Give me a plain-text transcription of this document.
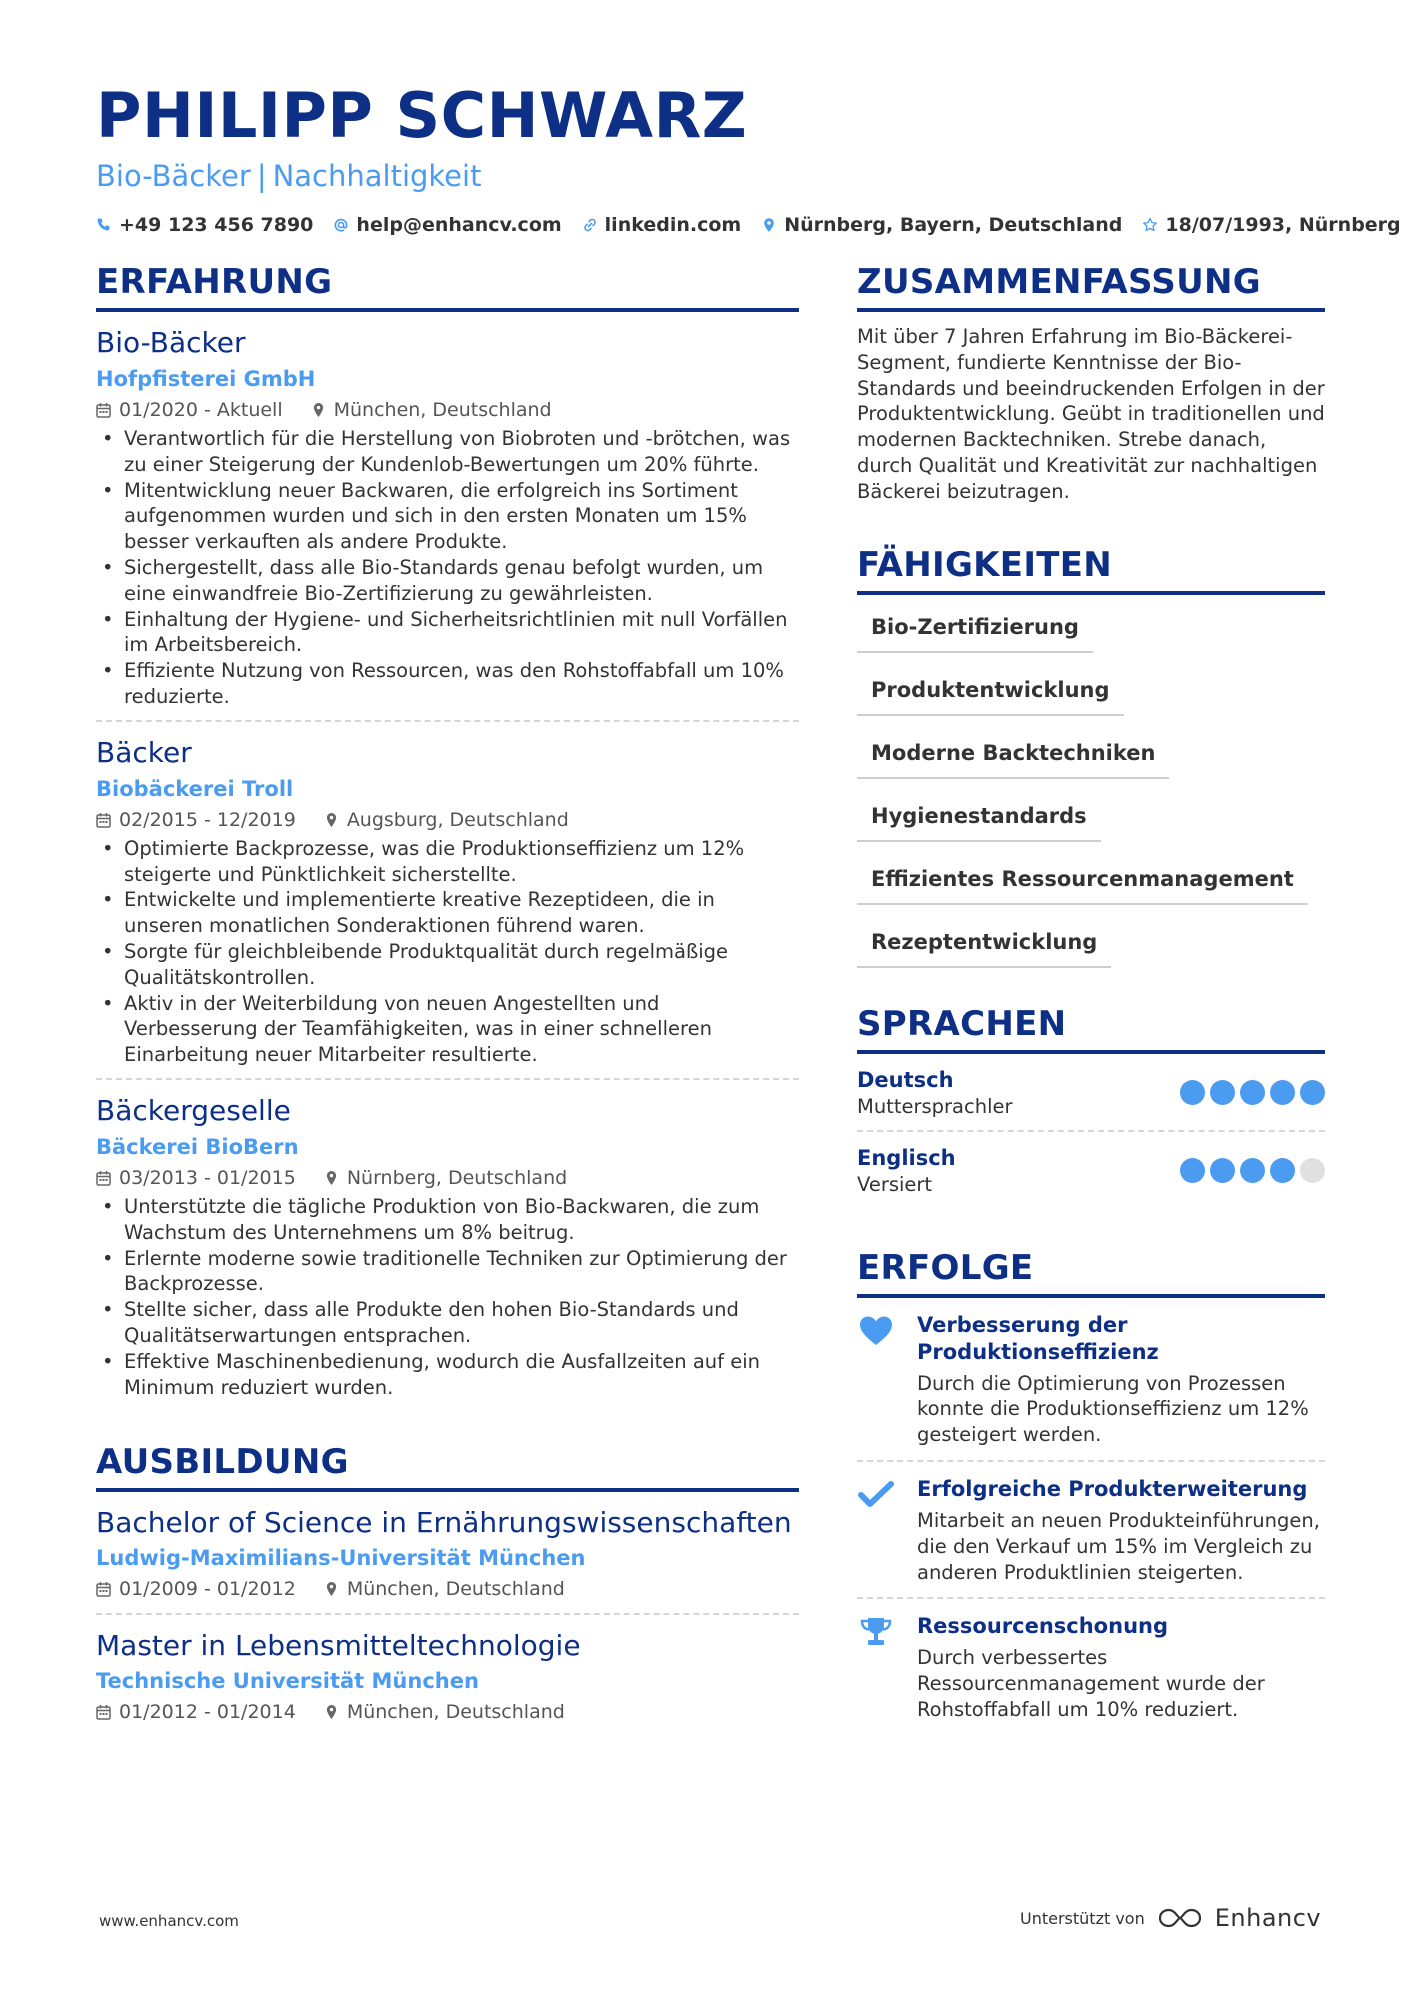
PHILIPP SCHWARZ
Bio-Bäcker | Nachhaltigkeit
+49 123 456 7890 help@enhancv.com linkedin.com Nürnberg, Bayern, Deutschland 18/07/1993, Nürnberg
ERFAHRUNG
Bio-Bäcker
Hofpfisterei GmbH
01/2020 - Aktuell	München, Deutschland
• Verantwortlich für die Herstellung von Biobroten und -brötchen, was zu einer Steigerung der Kundenlob-Bewertungen um 20% führte.
• Mitentwicklung neuer Backwaren, die erfolgreich ins Sortiment aufgenommen wurden und sich in den ersten Monaten um 15% besser verkauften als andere Produkte.
• Sichergestellt, dass alle Bio-Standards genau befolgt wurden, um eine einwandfreie Bio-Zertifizierung zu gewährleisten.
• Einhaltung der Hygiene- und Sicherheitsrichtlinien mit null Vorfällen im Arbeitsbereich.
• Effiziente Nutzung von Ressourcen, was den Rohstoffabfall um 10% reduzierte.
Bäcker
Biobäckerei Troll
02/2015 - 12/2019	Augsburg, Deutschland
• Optimierte Backprozesse, was die Produktionseffizienz um 12% steigerte und Pünktlichkeit sicherstellte.
• Entwickelte und implementierte kreative Rezeptideen, die in unseren monatlichen Sonderaktionen führend waren.
• Sorgte für gleichbleibende Produktqualität durch regelmäßige Qualitätskontrollen.
• Aktiv in der Weiterbildung von neuen Angestellten und Verbesserung der Teamfähigkeiten, was in einer schnelleren Einarbeitung neuer Mitarbeiter resultierte.
Bäckergeselle
Bäckerei BioBern
03/2013 - 01/2015	Nürnberg, Deutschland
• Unterstützte die tägliche Produktion von Bio-Backwaren, die zum Wachstum des Unternehmens um 8% beitrug.
• Erlernte moderne sowie traditionelle Techniken zur Optimierung der Backprozesse.
• Stellte sicher, dass alle Produkte den hohen Bio-Standards und Qualitätserwartungen entsprachen.
• Effektive Maschinenbedienung, wodurch die Ausfallzeiten auf ein Minimum reduziert wurden.
AUSBILDUNG
Bachelor of Science in Ernährungswissenschaften
Ludwig-Maximilians-Universität München
01/2009 - 01/2012	München, Deutschland
Master in Lebensmitteltechnologie
Technische Universität München
01/2012 - 01/2014	München, Deutschland
ZUSAMMENFASSUNG
Mit über 7 Jahren Erfahrung im Bio-Bäckerei-Segment, fundierte Kenntnisse der Bio-Standards und beeindruckenden Erfolgen in der Produktentwicklung. Geübt in traditionellen und modernen Backtechniken. Strebe danach, durch Qualität und Kreativität zur nachhaltigen Bäckerei beizutragen.
FÄHIGKEITEN
Bio-Zertifizierung
Produktentwicklung
Moderne Backtechniken
Hygienestandards
Effizientes Ressourcenmanagement
Rezeptentwicklung
SPRACHEN
Deutsch
Muttersprachler
Englisch
Versiert
ERFOLGE
Verbesserung der Produktionseffizienz
Durch die Optimierung von Prozessen konnte die Produktionseffizienz um 12% gesteigert werden.
Erfolgreiche Produkterweiterung
Mitarbeit an neuen Produkteinführungen, die den Verkauf um 15% im Vergleich zu anderen Produktlinien steigerten.
Ressourcenschonung
Durch verbessertes Ressourcenmanagement wurde der Rohstoffabfall um 10% reduziert.
www.enhancv.com	Unterstützt von	Enhancv
